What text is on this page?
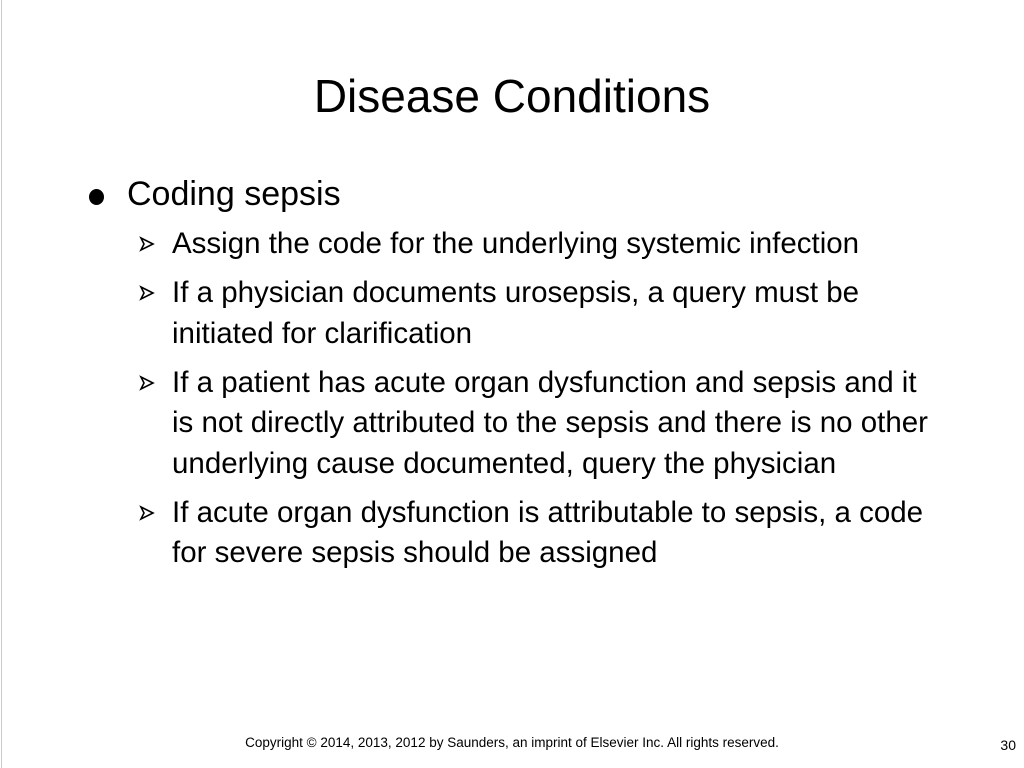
Disease Conditions
Coding sepsis
Assign the code for the underlying systemic infection
If a physician documents urosepsis, a query must be initiated for clarification
If a patient has acute organ dysfunction and sepsis and it is not directly attributed to the sepsis and there is no other underlying cause documented, query the physician
If acute organ dysfunction is attributable to sepsis, a code for severe sepsis should be assigned
Copyright © 2014, 2013, 2012 by Saunders, an imprint of Elsevier Inc. All rights reserved.	30
